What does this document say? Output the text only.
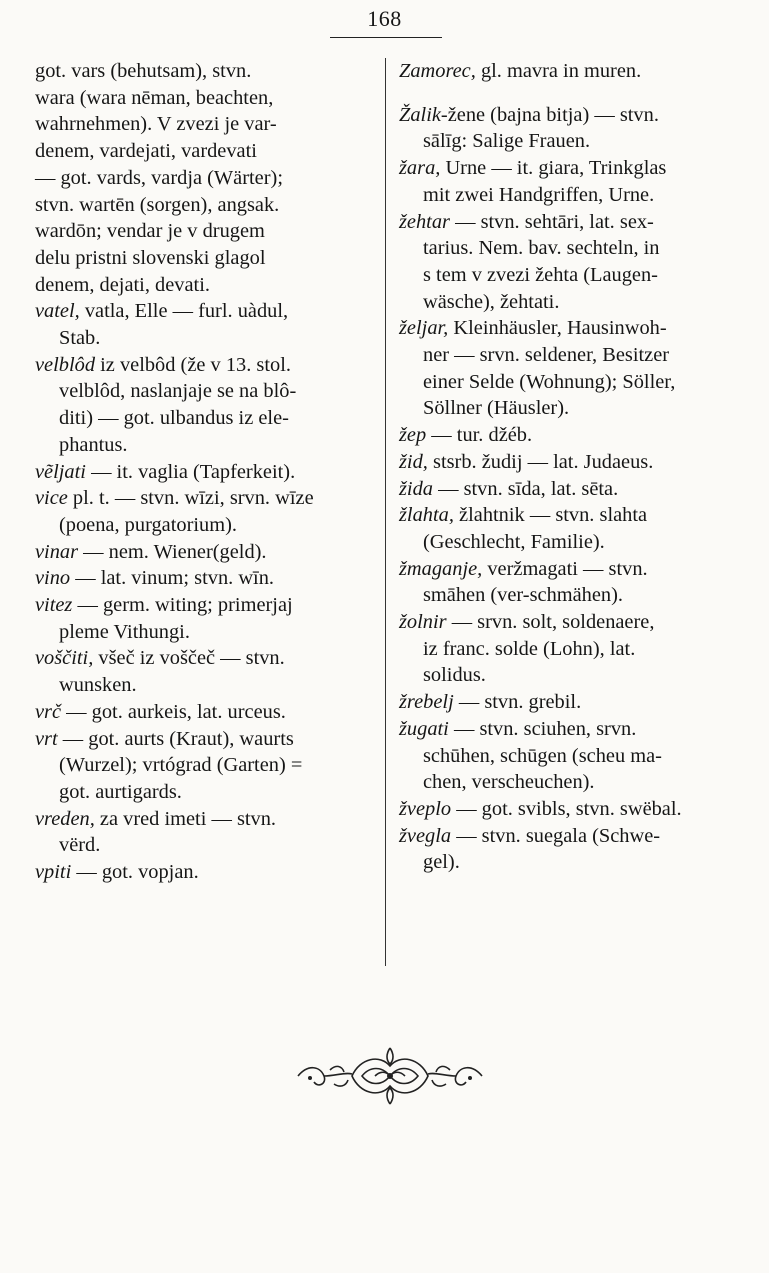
168

got. vars (behutsam), stvn.
wara (wara nēman, beachten,
wahrnehmen). V zvezi je var-
denem, vardejati, vardevati
— got. vards, vardja (Wärter);
stvn. wartēn (sorgen), angsak.
wardōn; vendar je v drugem
delu pristni slovenski glagol
denem, dejati, devati.

vatel, vatla, Elle — furl. uàdul,
Stab.

velblôd iz velbôd (že v 13. stol.
velblôd, naslanjaje se na blô-
diti) — got. ulbandus iz ele-
phantus.

vẽljati — it. vaglia (Tapferkeit).

vice pl. t. — stvn. wīzi, srvn. wīze
(poena, purgatorium).

vinar — nem. Wiener(geld).

vino — lat. vinum; stvn. wīn.

vitez — germ. witing; primerjaj
pleme Vithungi.

voščiti, všeč iz voščeč — stvn.
wunsken.

vrč — got. aurkeis, lat. urceus.

vrt — got. aurts (Kraut), waurts
(Wurzel); vrtógrad (Garten) =
got. aurtigards.

vreden, za vred imeti — stvn.
vërd.

vpiti — got. vopjan.

Zamorec, gl. mavra in muren.

Žalik-žene (bajna bitja) — stvn.
sālīg: Salige Frauen.

žara, Urne — it. giara, Trinkglas
mit zwei Handgriffen, Urne.

žehtar — stvn. sehtāri, lat. sex-
tarius. Nem. bav. sechteln, in
s tem v zvezi žehta (Laugen-
wäsche), žehtati.

željar, Kleinhäusler, Hausinwoh-
ner — srvn. seldener, Besitzer
einer Selde (Wohnung); Söller,
Söllner (Häusler).

žep — tur. džéb.

žid, stsrb. žudij — lat. Judaeus.

žida — stvn. sīda, lat. sēta.

žlahta, žlahtnik — stvn. slahta
(Geschlecht, Familie).

žmaganje, veržmagati — stvn.
smāhen (ver-schmähen).

žolnir — srvn. solt, soldenaere,
iz franc. solde (Lohn), lat.
solidus.

žrebelj — stvn. grebil.

žugati — stvn. sciuhen, srvn.
schūhen, schūgen (scheu ma-
chen, verscheuchen).

žveplo — got. svibls, stvn. swëbal.

žvegla — stvn. suegala (Schwe-
gel).
